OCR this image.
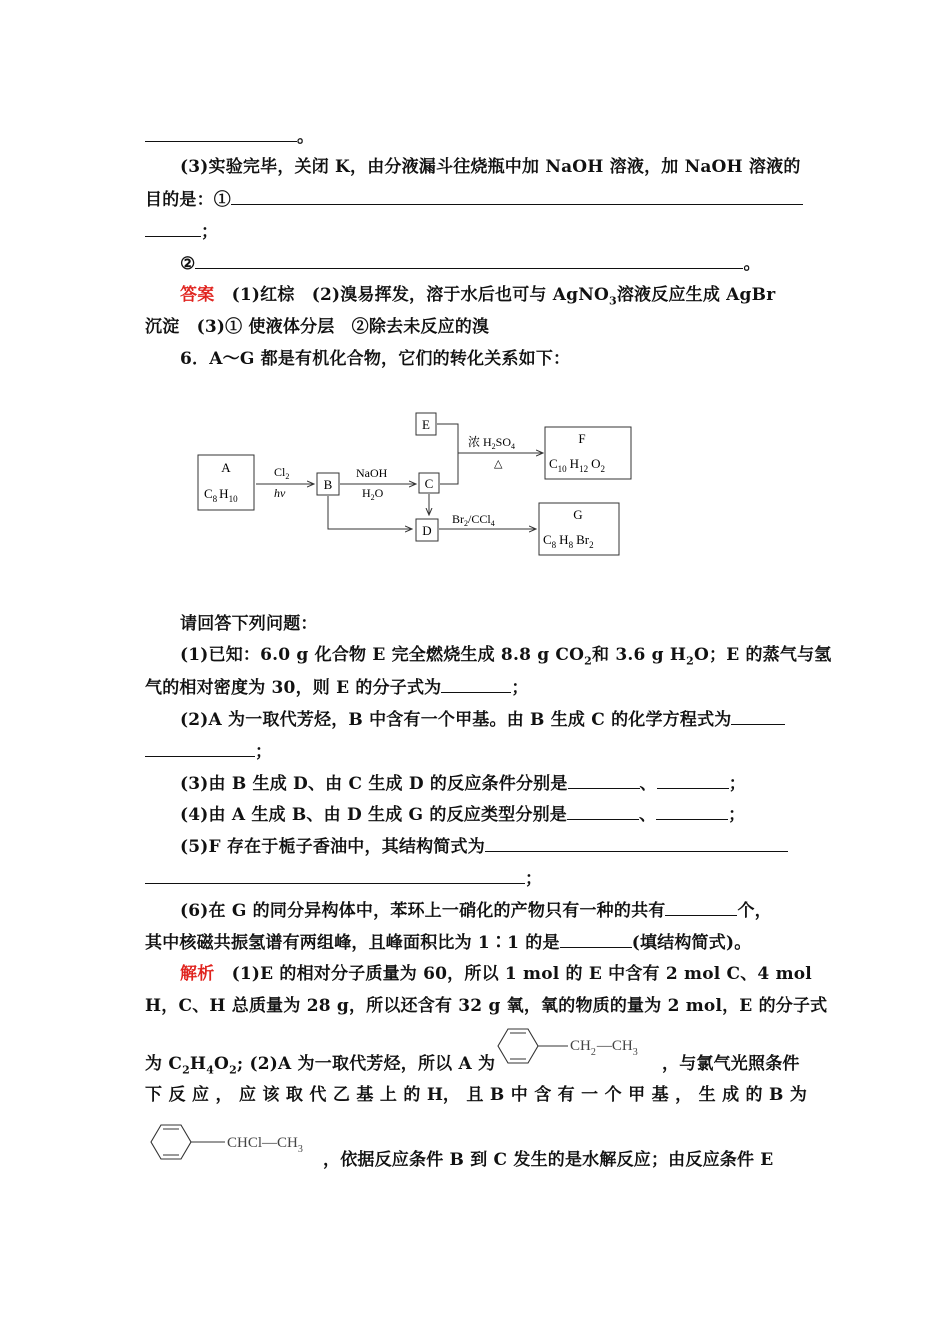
。
(3)实验完毕，关闭 K，由分液漏斗往烧瓶中加 NaOH 溶液，加 NaOH 溶液的
目的是：①
；
②	。
答案　(1)红棕　(2)溴易挥发，溶于水后也可与 AgNO$_3$溶液反应生成 AgBr
沉淀　(3)① 使液体分层　②除去未反应的溴
6．A～G 都是有机化合物，它们的转化关系如下：
A
$C_8$ $H_{10}$
$Cl_2$
hν
B
NaOH
$H_2O$
C
D
E
浓 $H_2SO_4$
△
F
$C_{10}$ $H_{12}$ $O_2$
$Br_2/CCl_4$
G
$C_8$ $H_8$ $Br_2$
请回答下列问题：
(1)已知：6.0 g 化合物 E 完全燃烧生成 8.8 g $CO_2$和 3.6 g $H_2O$；E 的蒸气与氢
气的相对密度为 30，则 E 的分子式为	；
(2)A 为一取代芳烃，B 中含有一个甲基。由 B 生成 C 的化学方程式为
；
(3)由 B 生成 D、由 C 生成 D 的反应条件分别是	、	；
(4)由 A 生成 B、由 D 生成 G 的反应类型分别是	、	；
(5)F 存在于栀子香油中，其结构简式为
；
(6)在 G 的同分异构体中，苯环上一硝化的产物只有一种的共有	个，
其中核磁共振氢谱有两组峰，且峰面积比为 1∶1 的是	(填结构简式)。
解析　(1)E 的相对分子质量为 60，所以 1 mol 的 E 中含有 2 mol C、4 mol
H，C、H 总质量为 28 g，所以还含有 32 g 氧，氧的物质的量为 2 mol，E 的分子式
$CH_2—CH_3$
为 $C_2H_4O_2$; (2)A 为一取代芳烃，所以 A 为	，与氯气光照条件
下 反 应 ， 应 该 取 代 乙 基 上 的 H， 且 B 中 含 有 一 个 甲 基 ， 生 成 的 B 为
$CHCl—CH_3$
，依据反应条件 B 到 C 发生的是水解反应；由反应条件 E
